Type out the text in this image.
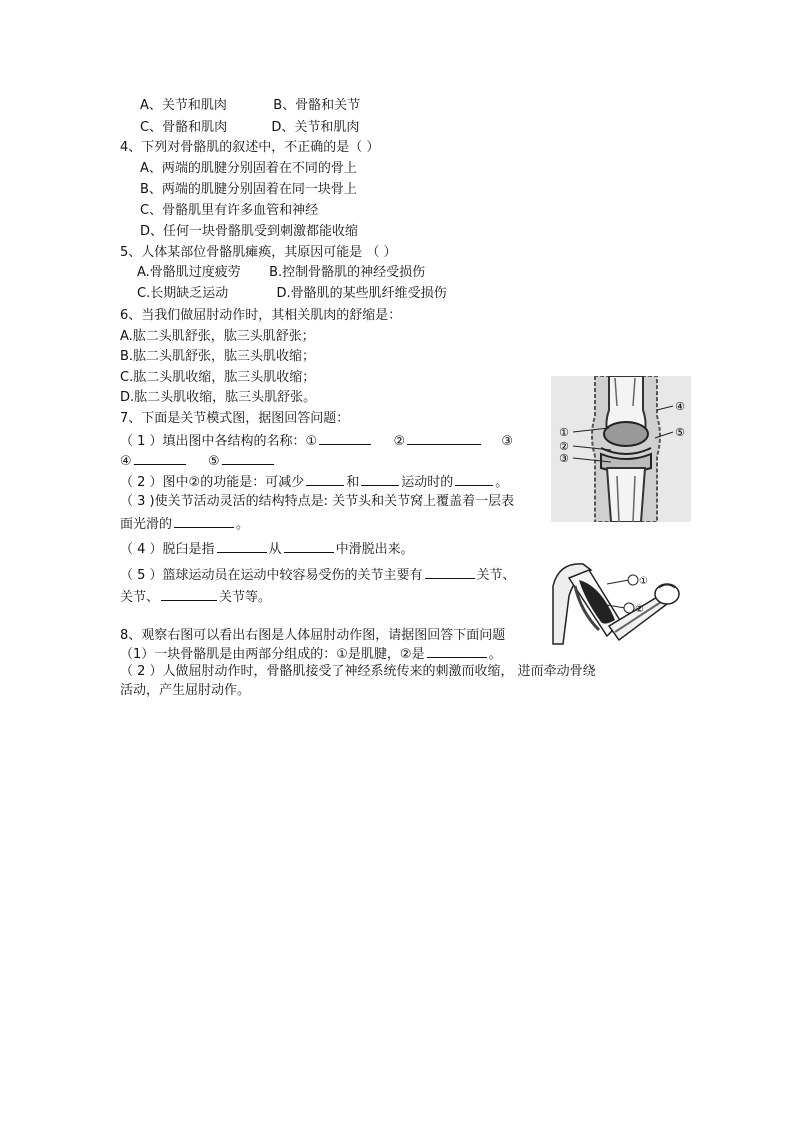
A、关节和肌肉	B、骨骼和关节
C、骨骼和肌肉	D、关节和肌肉
4、下列对骨骼肌的叙述中，不正确的是（ ）
A、两端的肌腱分别固着在不同的骨上
B、两端的肌腱分别固着在同一块骨上
C、骨骼肌里有许多血管和神经
D、任何一块骨骼肌受到刺激都能收缩
5、人体某部位骨骼肌瘫痪，其原因可能是 （ ）
A.骨骼肌过度疲劳 B.控制骨骼肌的神经受损伤
C.长期缺乏运动	D.骨骼肌的某些肌纤维受损伤
6、当我们做屈肘动作时，其相关肌肉的舒缩是：
A.肱二头肌舒张，肱三头肌舒张；
B.肱二头肌舒张，肱三头肌收缩；
C.肱二头肌收缩，肱三头肌收缩；
D.肱二头肌收缩，肱三头肌舒张。
7、下面是关节模式图，据图回答问题：
（ 1 ）填出图中各结构的名称：①	②	③
④	⑤
（ 2 ）图中②的功能是：可减少	和	运动时的	。
（ 3 )使关节活动灵活的结构特点是: 关节头和关节窝上覆盖着一层表
面光滑的	。
（ 4 ）脱臼是指	从	中滑脱出来。
（ 5 ）篮球运动员在运动中较容易受伤的关节主要有	关节、
关节、	关节等。
8、观察右图可以看出右图是人体屈肘动作图，请据图回答下面问题
（1）一块骨骼肌是由两部分组成的：①是肌腱，②是	。
（ 2 ）人做屈肘动作时，骨骼肌接受了神经系统传来的刺激而收缩， 进而牵动骨绕
活动，产生屈肘动作。
④
⑤
①
②
③
①
②
